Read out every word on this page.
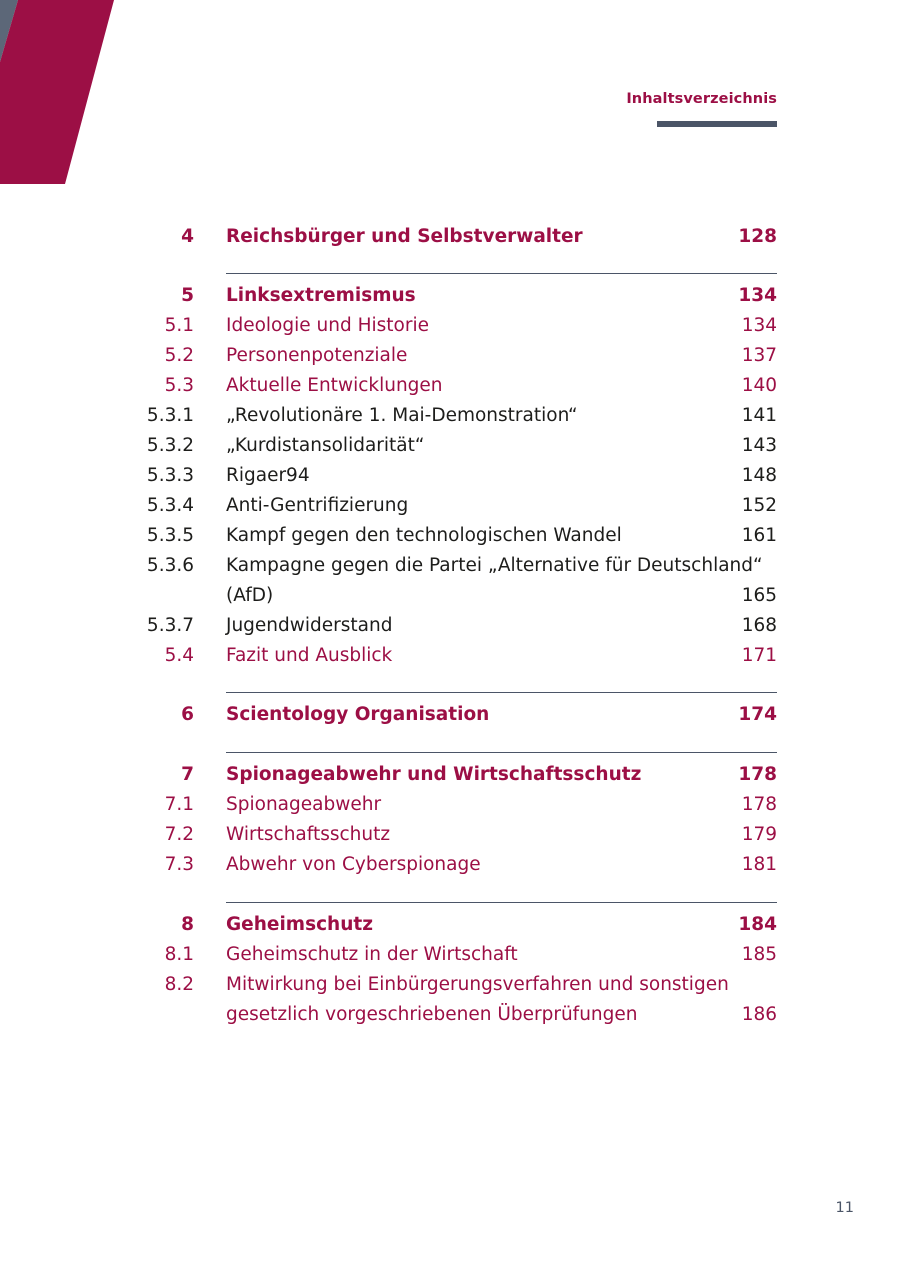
Inhaltsverzeichnis
4 Reichsbürger und Selbstverwalter	128
5 Linksextremismus	134
5.1 Ideologie und Historie	134
5.2 Personenpotenziale	137
5.3 Aktuelle Entwicklungen	140
5.3.1 „Revolutionäre 1. Mai-Demonstration“	141
5.3.2 „Kurdistansolidarität“	143
5.3.3 Rigaer94	148
5.3.4 Anti-Gentrifizierung	152
5.3.5 Kampf gegen den technologischen Wandel	161
5.3.6 Kampagne gegen die Partei „Alternative für Deutschland“
(AfD)	165
5.3.7 Jugendwiderstand	168
5.4 Fazit und Ausblick	171
6 Scientology Organisation	174
7 Spionageabwehr und Wirtschaftsschutz	178
7.1 Spionageabwehr	178
7.2 Wirtschaftsschutz	179
7.3 Abwehr von Cyberspionage	181
8 Geheimschutz	184
8.1 Geheimschutz in der Wirtschaft	185
8.2 Mitwirkung bei Einbürgerungsverfahren und sonstigen
gesetzlich vorgeschriebenen Überprüfungen	186
11
